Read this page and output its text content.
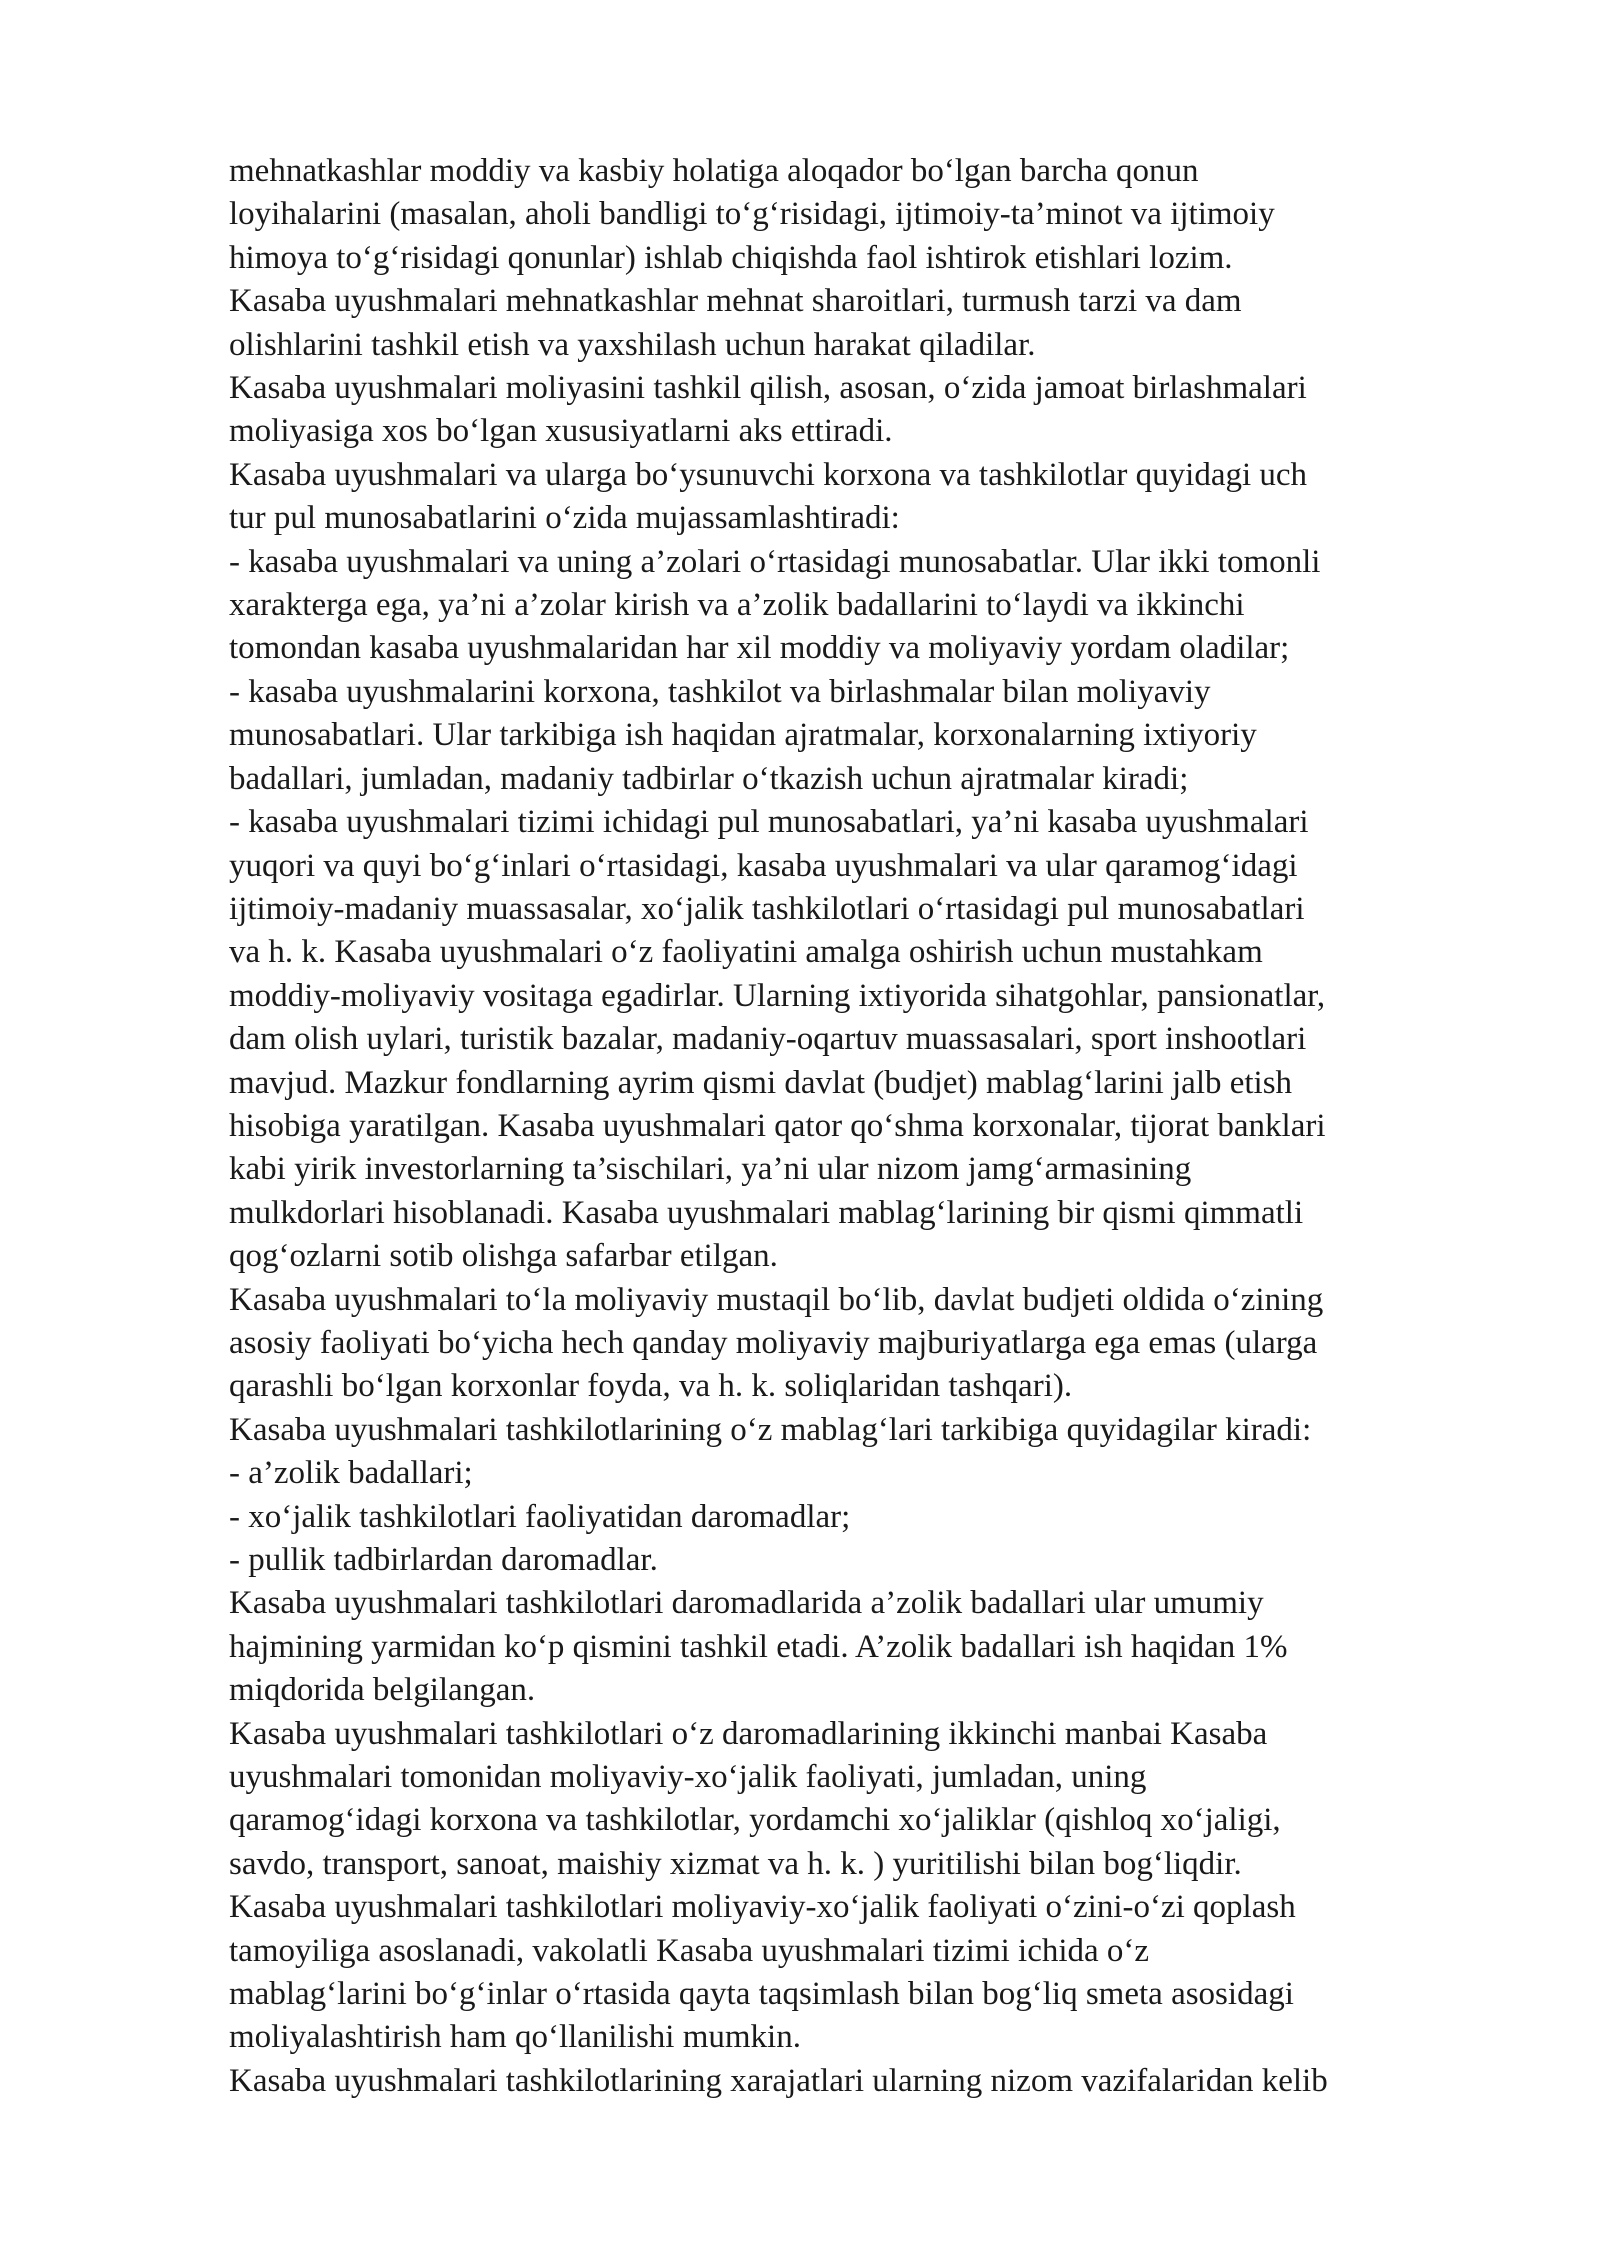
mehnatkashlar moddiy va kasbiy holatiga aloqador bo‘lgan barcha qonun
loyihalarini (masalan, aholi bandligi to‘g‘risidagi, ijtimoiy-ta’minot va ijtimoiy
himoya to‘g‘risidagi qonunlar) ishlab chiqishda faol ishtirok etishlari lozim.
Kasaba uyushmalari mehnatkashlar mehnat sharoitlari, turmush tarzi va dam
olishlarini tashkil etish va yaxshilash uchun harakat qiladilar.
Kasaba uyushmalari moliyasini tashkil qilish, asosan, o‘zida jamoat birlashmalari
moliyasiga xos bo‘lgan xususiyatlarni aks ettiradi.
Kasaba uyushmalari va ularga bo‘ysunuvchi korxona va tashkilotlar quyidagi uch
tur pul munosabatlarini o‘zida mujassamlashtiradi:
- kasaba uyushmalari va uning a’zolari o‘rtasidagi munosabatlar. Ular ikki tomonli
xarakterga ega, ya’ni a’zolar kirish va a’zolik badallarini to‘laydi va ikkinchi
tomondan kasaba uyushmalaridan har xil moddiy va moliyaviy yordam oladilar;
- kasaba uyushmalarini korxona, tashkilot va birlashmalar bilan moliyaviy
munosabatlari. Ular tarkibiga ish haqidan ajratmalar, korxonalarning ixtiyoriy
badallari, jumladan, madaniy tadbirlar o‘tkazish uchun ajratmalar kiradi;
- kasaba uyushmalari tizimi ichidagi pul munosabatlari, ya’ni kasaba uyushmalari
yuqori va quyi bo‘g‘inlari o‘rtasidagi, kasaba uyushmalari va ular qaramog‘idagi
ijtimoiy-madaniy muassasalar, xo‘jalik tashkilotlari o‘rtasidagi pul munosabatlari
va h. k. Kasaba uyushmalari o‘z faoliyatini amalga oshirish uchun mustahkam
moddiy-moliyaviy vositaga egadirlar. Ularning ixtiyorida sihatgohlar, pansionatlar,
dam olish uylari, turistik bazalar, madaniy-oqartuv muassasalari, sport inshootlari
mavjud. Mazkur fondlarning ayrim qismi davlat (budjet) mablag‘larini jalb etish
hisobiga yaratilgan. Kasaba uyushmalari qator qo‘shma korxonalar, tijorat banklari
kabi yirik investorlarning ta’sischilari, ya’ni ular nizom jamg‘armasining
mulkdorlari hisoblanadi. Kasaba uyushmalari mablag‘larining bir qismi qimmatli
qog‘ozlarni sotib olishga safarbar etilgan.
Kasaba uyushmalari to‘la moliyaviy mustaqil bo‘lib, davlat budjeti oldida o‘zining
asosiy faoliyati bo‘yicha hech qanday moliyaviy majburiyatlarga ega emas (ularga
qarashli bo‘lgan korxonlar foyda, va h. k. soliqlaridan tashqari).
Kasaba uyushmalari tashkilotlarining o‘z mablag‘lari tarkibiga quyidagilar kiradi:
- a’zolik badallari;
- xo‘jalik tashkilotlari faoliyatidan daromadlar;
- pullik tadbirlardan daromadlar.
Kasaba uyushmalari tashkilotlari daromadlarida a’zolik badallari ular umumiy
hajmining yarmidan ko‘p qismini tashkil etadi. A’zolik badallari ish haqidan 1%
miqdorida belgilangan.
Kasaba uyushmalari tashkilotlari o‘z daromadlarining ikkinchi manbai Kasaba
uyushmalari tomonidan moliyaviy-xo‘jalik faoliyati, jumladan, uning
qaramog‘idagi korxona va tashkilotlar, yordamchi xo‘jaliklar (qishloq xo‘jaligi,
savdo, transport, sanoat, maishiy xizmat va h. k. ) yuritilishi bilan bog‘liqdir.
Kasaba uyushmalari tashkilotlari moliyaviy-xo‘jalik faoliyati o‘zini-o‘zi qoplash
tamoyiliga asoslanadi, vakolatli Kasaba uyushmalari tizimi ichida o‘z
mablag‘larini bo‘g‘inlar o‘rtasida qayta taqsimlash bilan bog‘liq smeta asosidagi
moliyalashtirish ham qo‘llanilishi mumkin.
Kasaba uyushmalari tashkilotlarining xarajatlari ularning nizom vazifalaridan kelib
